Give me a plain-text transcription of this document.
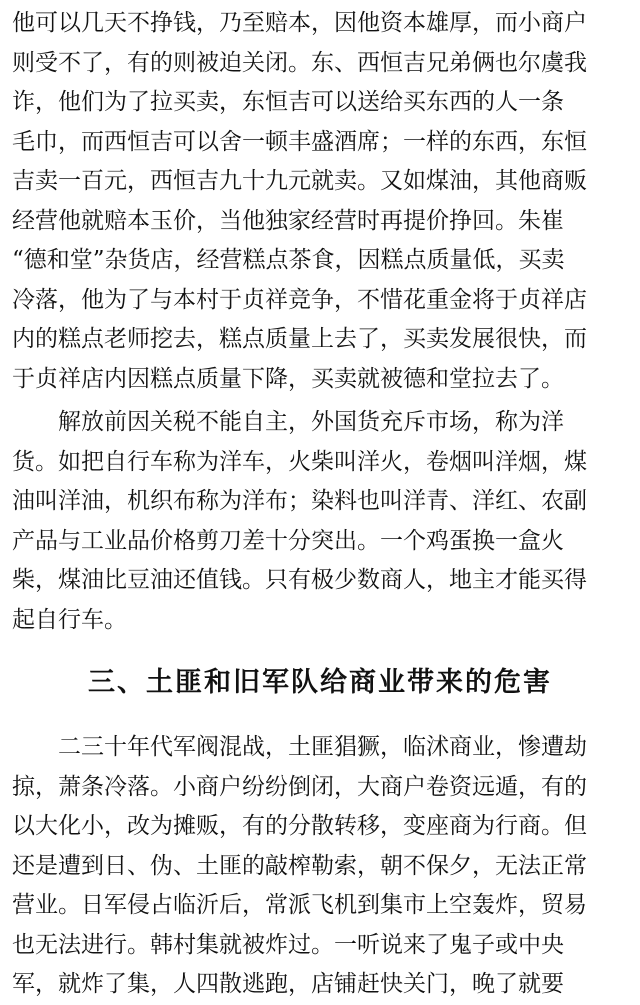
他可以几天不挣钱，乃至赔本，因他资本雄厚，而小商户
则受不了，有的则被迫关闭。东、西恒吉兄弟俩也尔虞我
诈，他们为了拉买卖，东恒吉可以送给买东西的人一条
毛巾，而西恒吉可以舍一顿丰盛酒席；一样的东西，东恒
吉卖一百元，西恒吉九十九元就卖。又如煤油，其他商贩
经营他就赔本玉价，当他独家经营时再提价挣回。朱崔
“德和堂”杂货店，经营糕点茶食，因糕点质量低，买卖
冷落，他为了与本村于贞祥竞争，不惜花重金将于贞祥店
内的糕点老师挖去，糕点质量上去了，买卖发展很快，而
于贞祥店内因糕点质量下降，买卖就被德和堂拉去了。
解放前因关税不能自主，外国货充斥市场，称为洋
货。如把自行车称为洋车，火柴叫洋火，卷烟叫洋烟，煤
油叫洋油，机织布称为洋布；染料也叫洋青、洋红、农副
产品与工业品价格剪刀差十分突出。一个鸡蛋换一盒火
柴，煤油比豆油还值钱。只有极少数商人，地主才能买得
起自行车。
三、土匪和旧军队给商业带来的危害
二三十年代军阀混战，土匪猖獗，临沭商业，惨遭劫
掠，萧条冷落。小商户纷纷倒闭，大商户卷资远遁，有的
以大化小，改为摊贩，有的分散转移，变座商为行商。但
还是遭到日、伪、土匪的敲榨勒索，朝不保夕，无法正常
营业。日军侵占临沂后，常派飞机到集市上空轰炸，贸易
也无法进行。韩村集就被炸过。一听说来了鬼子或中央
军，就炸了集，人四散逃跑，店铺赶快关门，晚了就要
